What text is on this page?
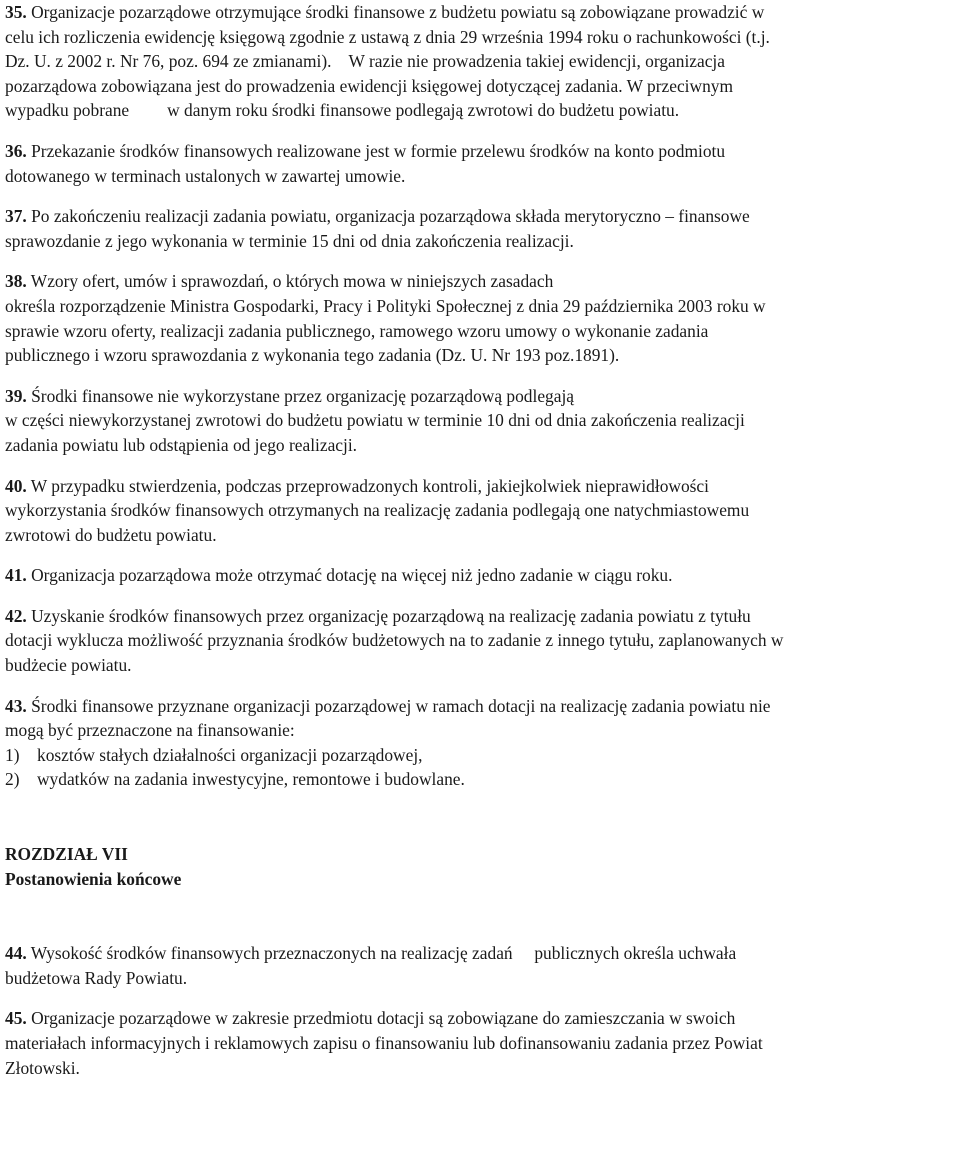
35. Organizacje pozarządowe otrzymujące środki finansowe z budżetu powiatu są zobowiązane prowadzić w
celu ich rozliczenia ewidencję księgową zgodnie z ustawą z dnia 29 września 1994 roku o rachunkowości (t.j.
Dz. U. z 2002 r. Nr 76, poz. 694 ze zmianami).    W razie nie prowadzenia takiej ewidencji, organizacja
pozarządowa zobowiązana jest do prowadzenia ewidencji księgowej dotyczącej zadania. W przeciwnym
wypadku pobrane w danym roku środki finansowe podlegają zwrotowi do budżetu powiatu.
36. Przekazanie środków finansowych realizowane jest w formie przelewu środków na konto podmiotu
dotowanego w terminach ustalonych w zawartej umowie.
37. Po zakończeniu realizacji zadania powiatu, organizacja pozarządowa składa merytoryczno – finansowe
sprawozdanie z jego wykonania w terminie 15 dni od dnia zakończenia realizacji.
38. Wzory ofert, umów i sprawozdań, o których mowa w niniejszych zasadach
określa rozporządzenie Ministra Gospodarki, Pracy i Polityki Społecznej z dnia 29 października 2003 roku w
sprawie wzoru oferty, realizacji zadania publicznego, ramowego wzoru umowy o wykonanie zadania
publicznego i wzoru sprawozdania z wykonania tego zadania (Dz. U. Nr 193 poz.1891).
39. Środki finansowe nie wykorzystane przez organizację pozarządową podlegają
w części niewykorzystanej zwrotowi do budżetu powiatu w terminie 10 dni od dnia zakończenia realizacji
zadania powiatu lub odstąpienia od jego realizacji.
40. W przypadku stwierdzenia, podczas przeprowadzonych kontroli, jakiejkolwiek nieprawidłowości
wykorzystania środków finansowych otrzymanych na realizację zadania podlegają one natychmiastowemu
zwrotowi do budżetu powiatu.
41. Organizacja pozarządowa może otrzymać dotację na więcej niż jedno zadanie w ciągu roku.
42. Uzyskanie środków finansowych przez organizację pozarządową na realizację zadania powiatu z tytułu
dotacji wyklucza możliwość przyznania środków budżetowych na to zadanie z innego tytułu, zaplanowanych w
budżecie powiatu.
43. Środki finansowe przyznane organizacji pozarządowej w ramach dotacji na realizację zadania powiatu nie
mogą być przeznaczone na finansowanie:
1) kosztów stałych działalności organizacji pozarządowej,
2) wydatków na zadania inwestycyjne, remontowe i budowlane.
ROZDZIAŁ VII
Postanowienia końcowe
44. Wysokość środków finansowych przeznaczonych na realizację zadań     publicznych określa uchwała
budżetowa Rady Powiatu.
45. Organizacje pozarządowe w zakresie przedmiotu dotacji są zobowiązane do zamieszczania w swoich
materiałach informacyjnych i reklamowych zapisu o finansowaniu lub dofinansowaniu zadania przez Powiat
Złotowski.
